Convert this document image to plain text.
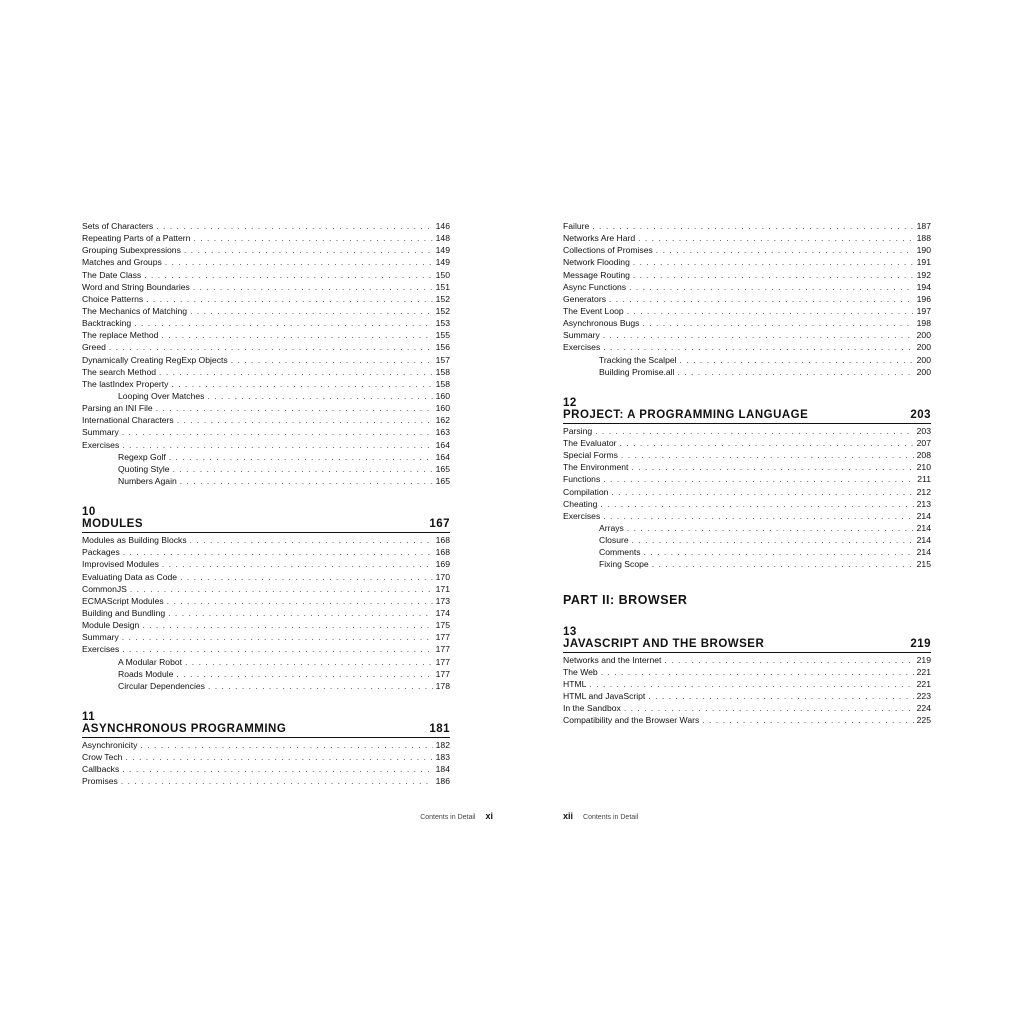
Sets of Characters . . .	146
Repeating Parts of a Pattern . . .	148
Grouping Subexpressions . . .	149
Matches and Groups . . .	149
The Date Class . . .	150
Word and String Boundaries . . .	151
Choice Patterns . . .	152
The Mechanics of Matching . . .	152
Backtracking . . .	153
The replace Method . . .	155
Greed . . .	156
Dynamically Creating RegExp Objects . . .	157
The search Method . . .	158
The lastIndex Property . . .	158
Looping Over Matches . . .	160
Parsing an INI File . . .	160
International Characters . . .	162
Summary . . .	163
Exercises . . .	164
Regexp Golf . . .	164
Quoting Style . . .	165
Numbers Again . . .	165
10
MODULES	167
Modules as Building Blocks . . .	168
Packages . . .	168
Improvised Modules . . .	169
Evaluating Data as Code . . .	170
CommonJS . . .	171
ECMAScript Modules . . .	173
Building and Bundling . . .	174
Module Design . . .	175
Summary . . .	177
Exercises . . .	177
A Modular Robot . . .	177
Roads Module . . .	177
Circular Dependencies . . .	178
11
ASYNCHRONOUS PROGRAMMING	181
Asynchronicity . . .	182
Crow Tech . . .	183
Callbacks . . .	184
Promises . . .	186
Contents in Detail xi
Failure . . .	187
Networks Are Hard . . .	188
Collections of Promises . . .	190
Network Flooding . . .	191
Message Routing . . .	192
Async Functions . . .	194
Generators . . .	196
The Event Loop . . .	197
Asynchronous Bugs . . .	198
Summary . . .	200
Exercises . . .	200
Tracking the Scalpel . . .	200
Building Promise.all . . .	200
12
PROJECT: A PROGRAMMING LANGUAGE	203
Parsing . . .	203
The Evaluator . . .	207
Special Forms . . .	208
The Environment . . .	210
Functions . . .	211
Compilation . . .	212
Cheating . . .	213
Exercises . . .	214
Arrays . . .	214
Closure . . .	214
Comments . . .	214
Fixing Scope . . .	215
PART II: BROWSER
13
JAVASCRIPT AND THE BROWSER	219
Networks and the Internet . . .	219
The Web . . .	221
HTML . . .	221
HTML and JavaScript . . .	223
In the Sandbox . . .	224
Compatibility and the Browser Wars . . .	225
xii Contents in Detail
